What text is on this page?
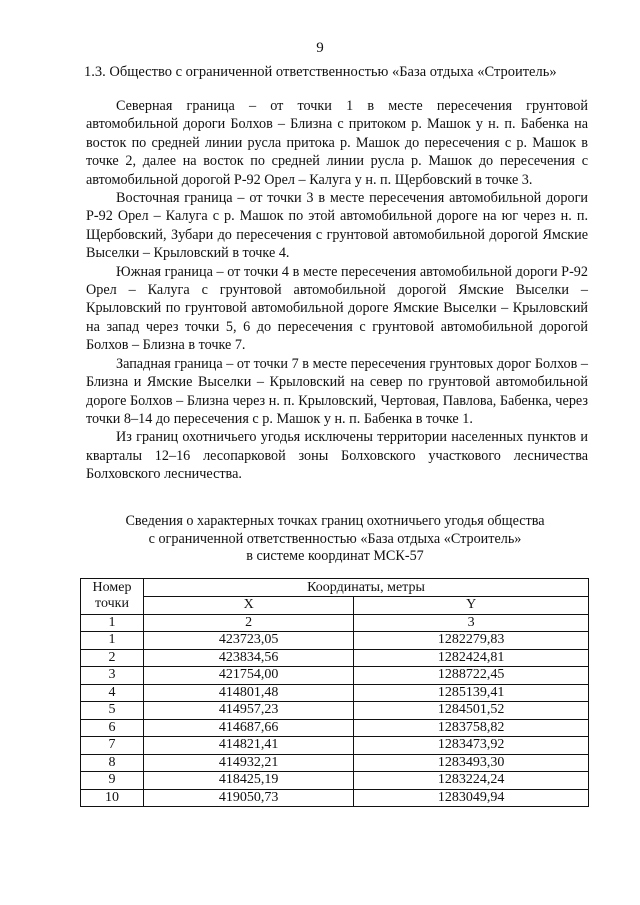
9
1.3. Общество с ограниченной ответственностью «База отдыха «Строитель»

Северная граница – от точки 1 в месте пересечения грунтовой автомобильной дороги Болхов – Близна с притоком р. Машок у н. п. Бабенка на восток по средней линии русла притока р. Машок до пересечения с р. Машок в точке 2, далее на восток по средней линии русла р. Машок до пересечения с автомобильной дорогой Р-92 Орел – Калуга у н. п. Щербовский в точке 3.

Восточная граница – от точки 3 в месте пересечения автомобильной дороги Р-92 Орел – Калуга с р. Машок по этой автомобильной дороге на юг через н. п. Щербовский, Зубари до пересечения с грунтовой автомобильной дорогой Ямские Выселки – Крыловский в точке 4.

Южная граница – от точки 4 в месте пересечения автомобильной дороги Р-92 Орел – Калуга с грунтовой автомобильной дорогой Ямские Выселки – Крыловский по грунтовой автомобильной дороге Ямские Выселки – Крыловский на запад через точки 5, 6 до пересечения с грунтовой автомобильной дорогой Болхов – Близна в точке 7.

Западная граница – от точки 7 в месте пересечения грунтовых дорог Болхов – Близна и Ямские Выселки – Крыловский на север по грунтовой автомобильной дороге Болхов – Близна через н. п. Крыловский, Чертовая, Павлова, Бабенка, через точки 8–14 до пересечения с р. Машок у н. п. Бабенка в точке 1.

Из границ охотничьего угодья исключены территории населенных пунктов и кварталы 12–16 лесопарковой зоны Болховского участкового лесничества Болховского лесничества.

Сведения о характерных точках границ охотничьего угодья общества
с ограниченной ответственностью «База отдыха «Строитель»
в системе координат МСК-57
Номер точки	Координаты, метры	
	X	Y
1	2	3
1	423723,05	1282279,83
2	423834,56	1282424,81
3	421754,00	1288722,45
4	414801,48	1285139,41
5	414957,23	1284501,52
6	414687,66	1283758,82
7	414821,41	1283473,92
8	414932,21	1283493,30
9	418425,19	1283224,24
10	419050,73	1283049,94
